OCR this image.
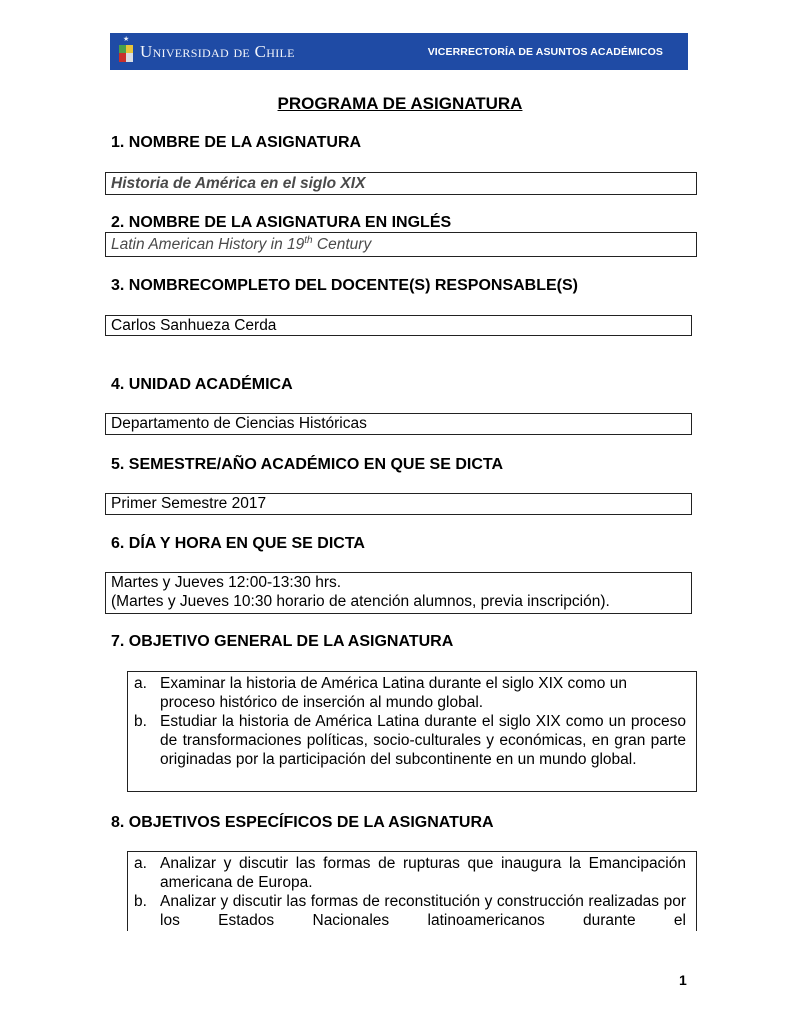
★
Universidad de Chile	VICERRECTORÍA DE ASUNTOS ACADÉMICOS
PROGRAMA DE ASIGNATURA
1. NOMBRE DE LA ASIGNATURA
Historia de América en el siglo XIX
2. NOMBRE DE LA ASIGNATURA EN INGLÉS
Latin American History in 19th Century
3. NOMBRECOMPLETO DEL DOCENTE(S) RESPONSABLE(S)
Carlos Sanhueza Cerda
4. UNIDAD ACADÉMICA
Departamento de Ciencias Históricas
5. SEMESTRE/AÑO ACADÉMICO EN QUE SE DICTA
Primer Semestre 2017
6. DÍA Y HORA EN QUE SE DICTA
Martes y Jueves 12:00-13:30 hrs.
(Martes y Jueves 10:30 horario de atención alumnos, previa inscripción).
7. OBJETIVO GENERAL DE LA ASIGNATURA
a. Examinar la historia de América Latina durante el siglo XIX como un proceso histórico de inserción al mundo global.
b. Estudiar la historia de América Latina durante el siglo XIX como un proceso de transformaciones políticas, socio-culturales y económicas, en gran parte originadas por la participación del subcontinente en un mundo global.
8. OBJETIVOS ESPECÍFICOS DE LA ASIGNATURA
a. Analizar y discutir las formas de rupturas que inaugura la Emancipación americana de Europa.
b. Analizar y discutir las formas de reconstitución y construcción realizadas por los Estados Nacionales latinoamericanos durante el
1
